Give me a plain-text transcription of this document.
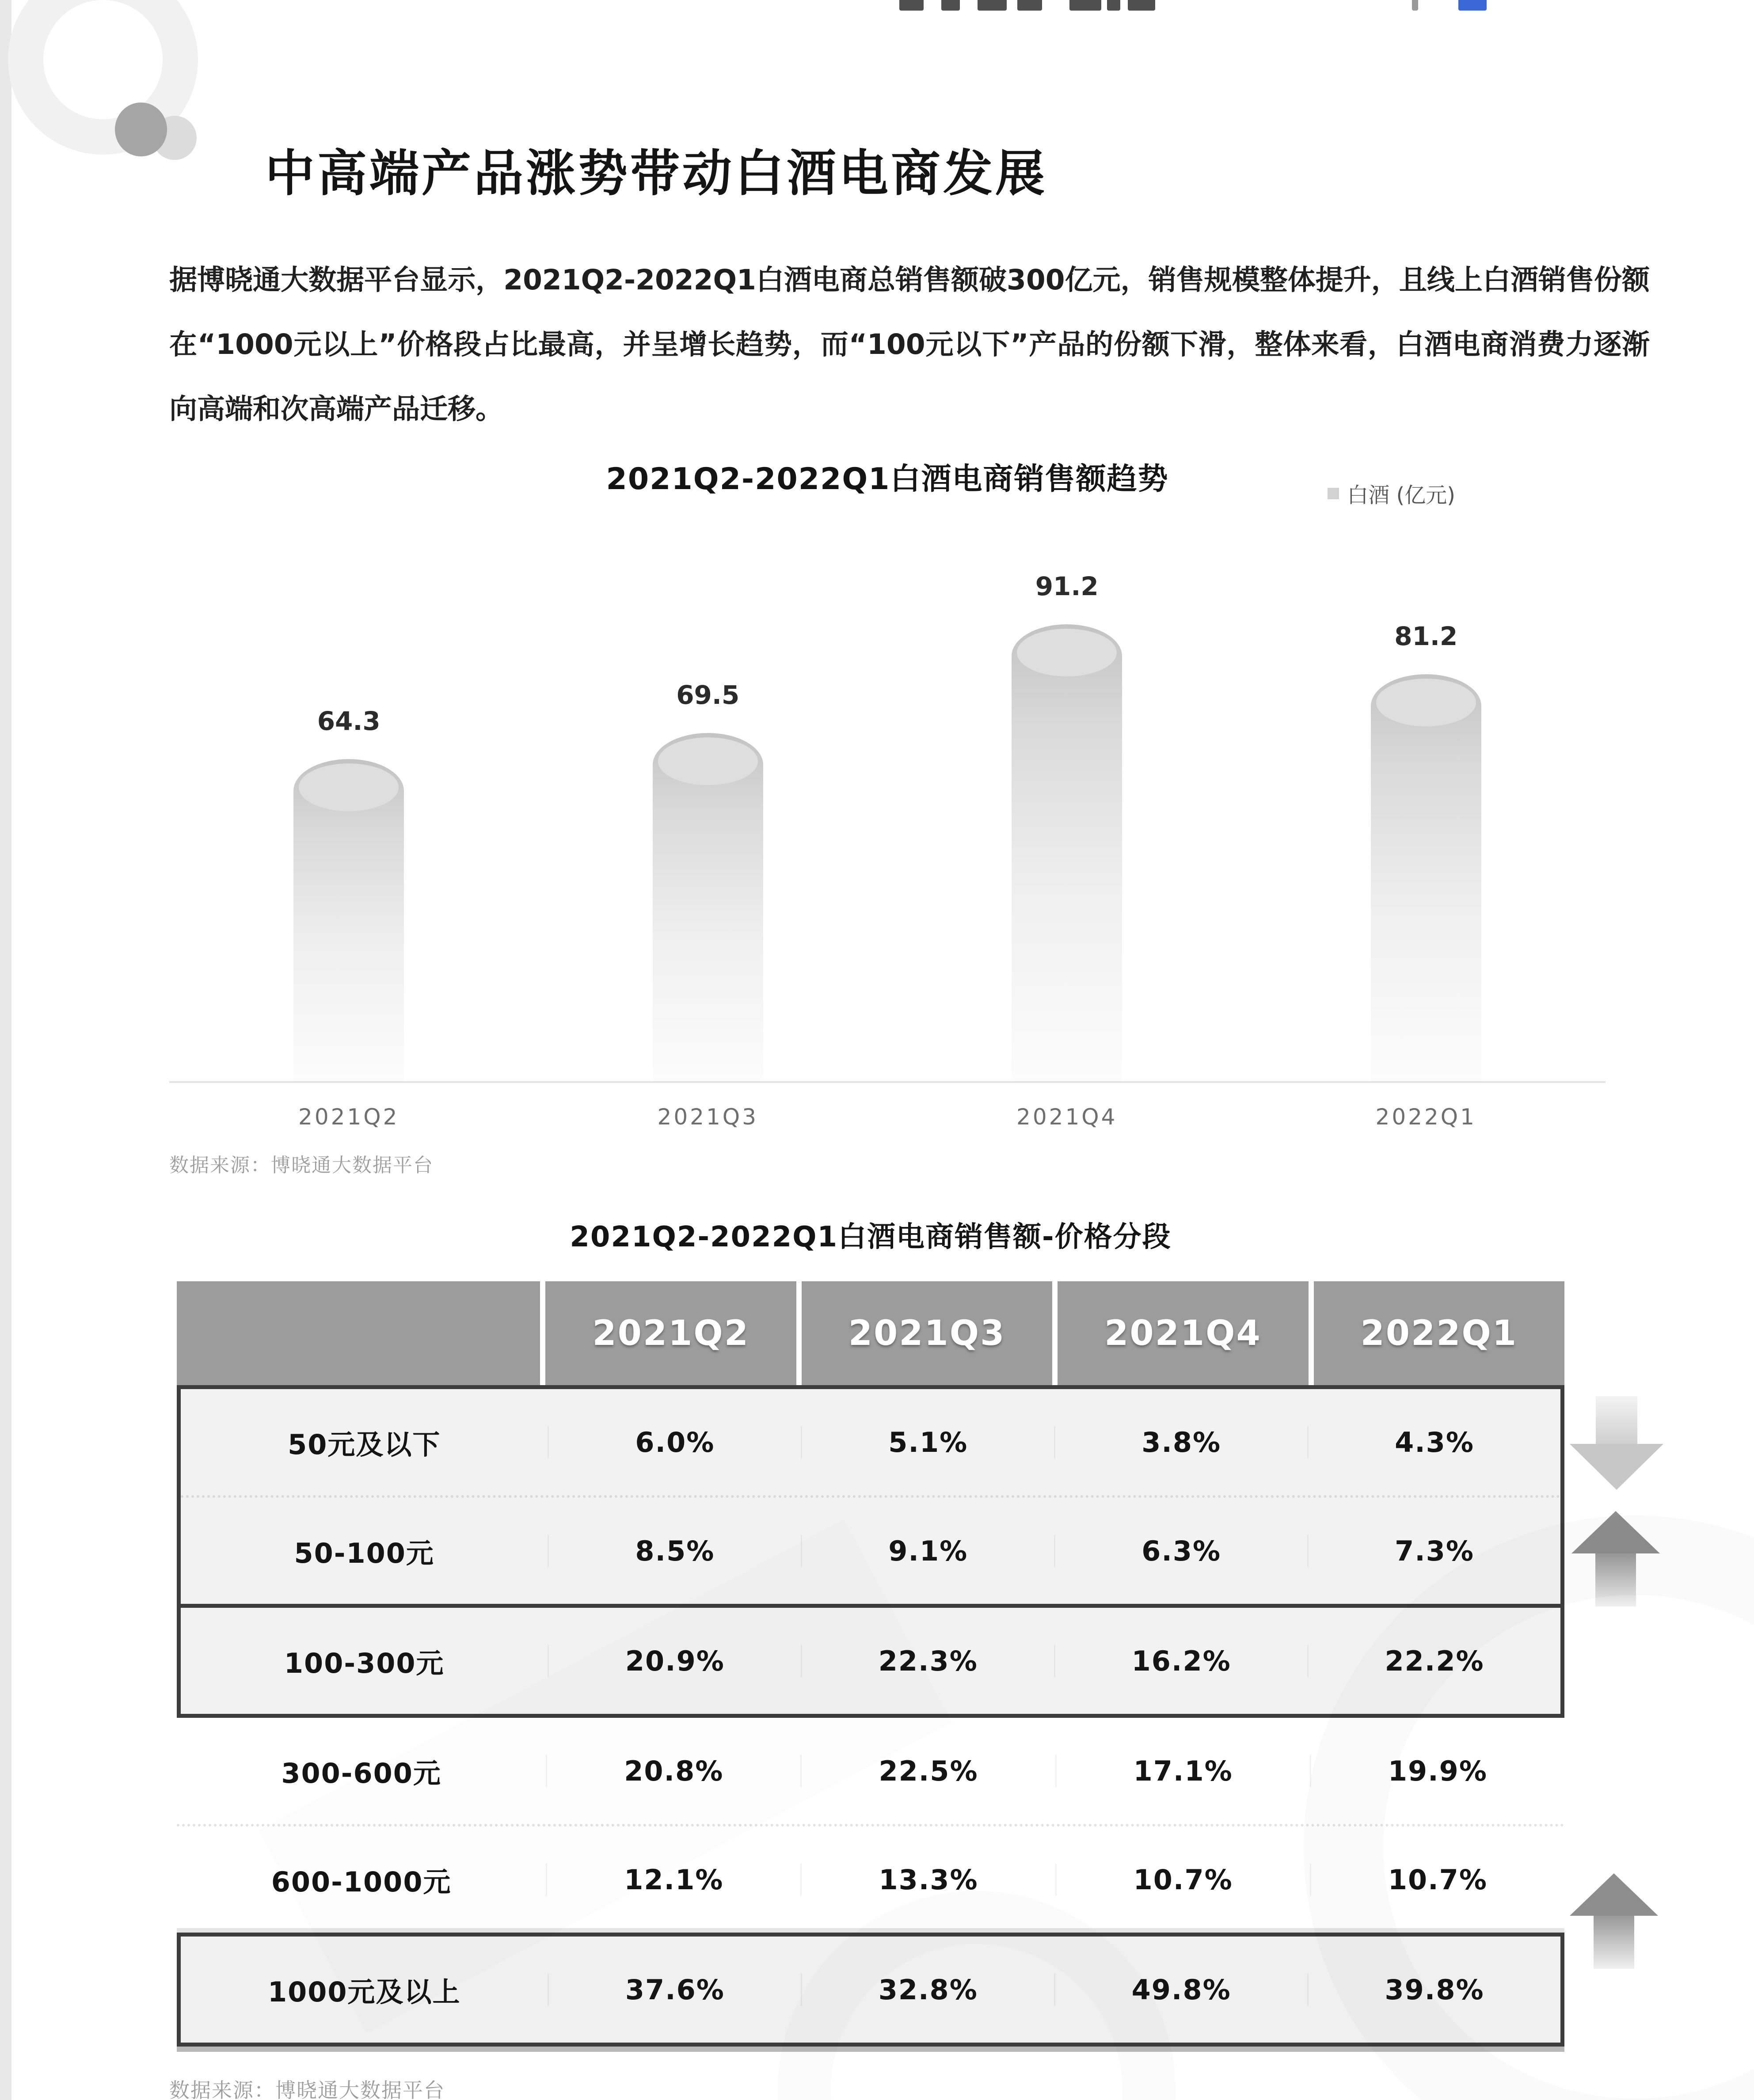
中高端产品涨势带动白酒电商发展

据博晓通大数据平台显示，2021Q2-2022Q1白酒电商总销售额破300亿元，销售规模整体提升，且线上白酒销售份额在“1000元以上”价格段占比最高，并呈增长趋势，而“100元以下”产品的份额下滑，整体来看，白酒电商消费力逐渐向高端和次高端产品迁移。

2021Q2-2022Q1白酒电商销售额趋势	白酒 (亿元)
64.3
69.5
91.2
81.2
2021Q2	2021Q3	2021Q4	2022Q1
数据来源：博晓通大数据平台
2021Q2-2022Q1白酒电商销售额-价格分段
2021Q2	2021Q3	2021Q4	2022Q1
50元及以下	6.0%	5.1%	3.8%	4.3%
50-100元	8.5%	9.1%	6.3%	7.3%
100-300元	20.9%	22.3%	16.2%	22.2%
300-600元	20.8%	22.5%	17.1%	19.9%
600-1000元	12.1%	13.3%	10.7%	10.7%
1000元及以上	37.6%	32.8%	49.8%	39.8%
数据来源：博晓通大数据平台
